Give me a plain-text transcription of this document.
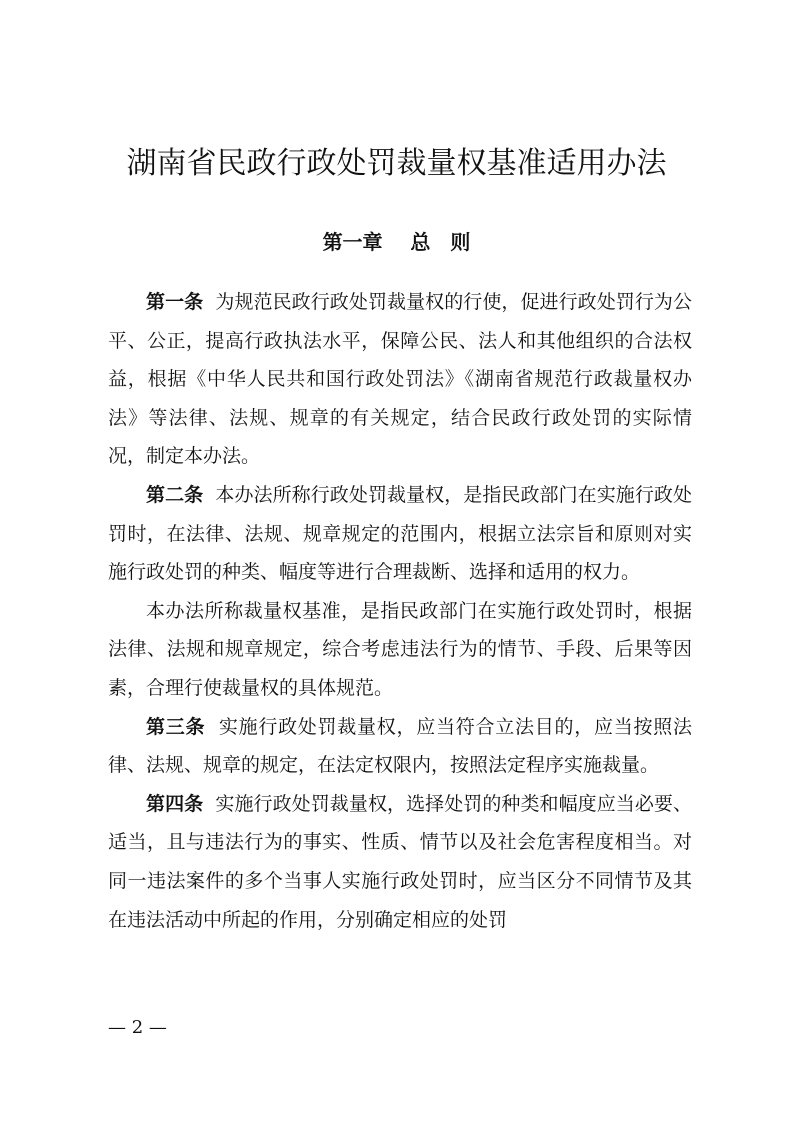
湖南省民政行政处罚裁量权基准适用办法
第一章 总　则

第一条 为规范民政行政处罚裁量权的行使，促进行政处罚行为公平、公正，提高行政执法水平，保障公民、法人和其他组织的合法权益，根据《中华人民共和国行政处罚法》《湖南省规范行政裁量权办法》等法律、法规、规章的有关规定，结合民政行政处罚的实际情况，制定本办法。

第二条 本办法所称行政处罚裁量权，是指民政部门在实施行政处罚时，在法律、法规、规章规定的范围内，根据立法宗旨和原则对实施行政处罚的种类、幅度等进行合理裁断、选择和适用的权力。

本办法所称裁量权基准，是指民政部门在实施行政处罚时，根据法律、法规和规章规定，综合考虑违法行为的情节、手段、后果等因素，合理行使裁量权的具体规范。

第三条 实施行政处罚裁量权，应当符合立法目的，应当按照法律、法规、规章的规定，在法定权限内，按照法定程序实施裁量。

第四条 实施行政处罚裁量权，选择处罚的种类和幅度应当必要、适当，且与违法行为的事实、性质、情节以及社会危害程度相当。对同一违法案件的多个当事人实施行政处罚时，应当区分不同情节及其在违法活动中所起的作用，分别确定相应的处罚

— 2 —
